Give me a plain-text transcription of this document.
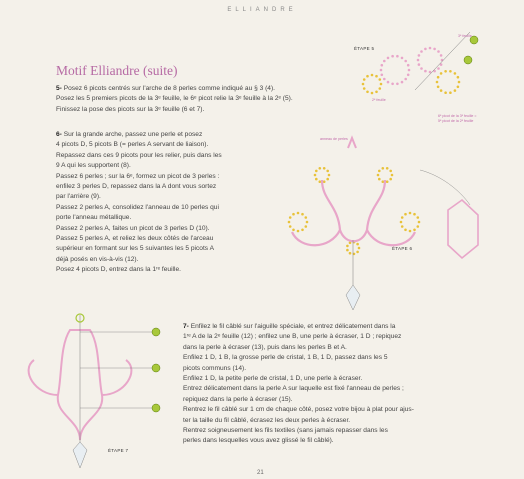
ELLIANDRE
Motif Elliandre (suite)
5- Posez 6 picots centrés sur l'arche de 8 perles comme indiqué au § 3 (4).
Posez les 5 premiers picots de la 3ᵉ feuille, le 6ᵉ picot relie la 3ᵉ feuille à la 2ᵉ (5).
Finissez la pose des picots sur la 3ᵉ feuille (6 et 7).
6- Sur la grande arche, passez une perle et posez
4 picots D, 5 picots B (= perles A servant de liaison).
Repassez dans ces 9 picots pour les relier, puis dans les
9 A qui les supportent (8).
Passez 6 perles ; sur la 6ᵉ, formez un picot de 3 perles :
enfilez 3 perles D, repassez dans la A dont vous sortez
par l'arrière (9).
Passez 2 perles A, consolidez l'anneau de 10 perles qui
porte l'anneau métallique.
Passez 2 perles A, faites un picot de 3 perles D (10).
Passez 5 perles A, et reliez les deux côtés de l'arceau
supérieur en formant sur les 5 suivantes les 5 picots A
déjà posés en vis-à-vis (12).
Posez 4 picots D, entrez dans la 1ʳᵉ feuille.
7- Enfilez le fil câblé sur l'aiguille spéciale, et entrez délicatement dans la
1ʳᵉ A de la 2ᵉ feuille (12) ; enfilez une B, une perle à écraser, 1 D ; repiquez
dans la perle à écraser (13), puis dans les perles B et A.
Enfilez 1 D, 1 B, la grosse perle de cristal, 1 B, 1 D, passez dans les 5
picots communs (14).
Enfilez 1 D, la petite perle de cristal, 1 D, une perle à écraser.
Entrez délicatement dans la perle A sur laquelle est fixé l'anneau de perles ;
repiquez dans la perle à écraser (15).
Rentrez le fil câblé sur 1 cm de chaque côté, posez votre bijou à plat pour ajus-
ter la taille du fil câblé, écrasez les deux perles à écraser.
Rentrez soigneusement les fils textiles (sans jamais repasser dans les
perles dans lesquelles vous avez glissé le fil câblé).
ÉTAPE 5
ÉTAPE 6
ÉTAPE 7
3ᵉ feuille
2ᵉ feuille
6ᵉ picot de la 3ᵉ feuille =
5ᵉ picot de la 2ᵉ feuille
anneau de perles
21
